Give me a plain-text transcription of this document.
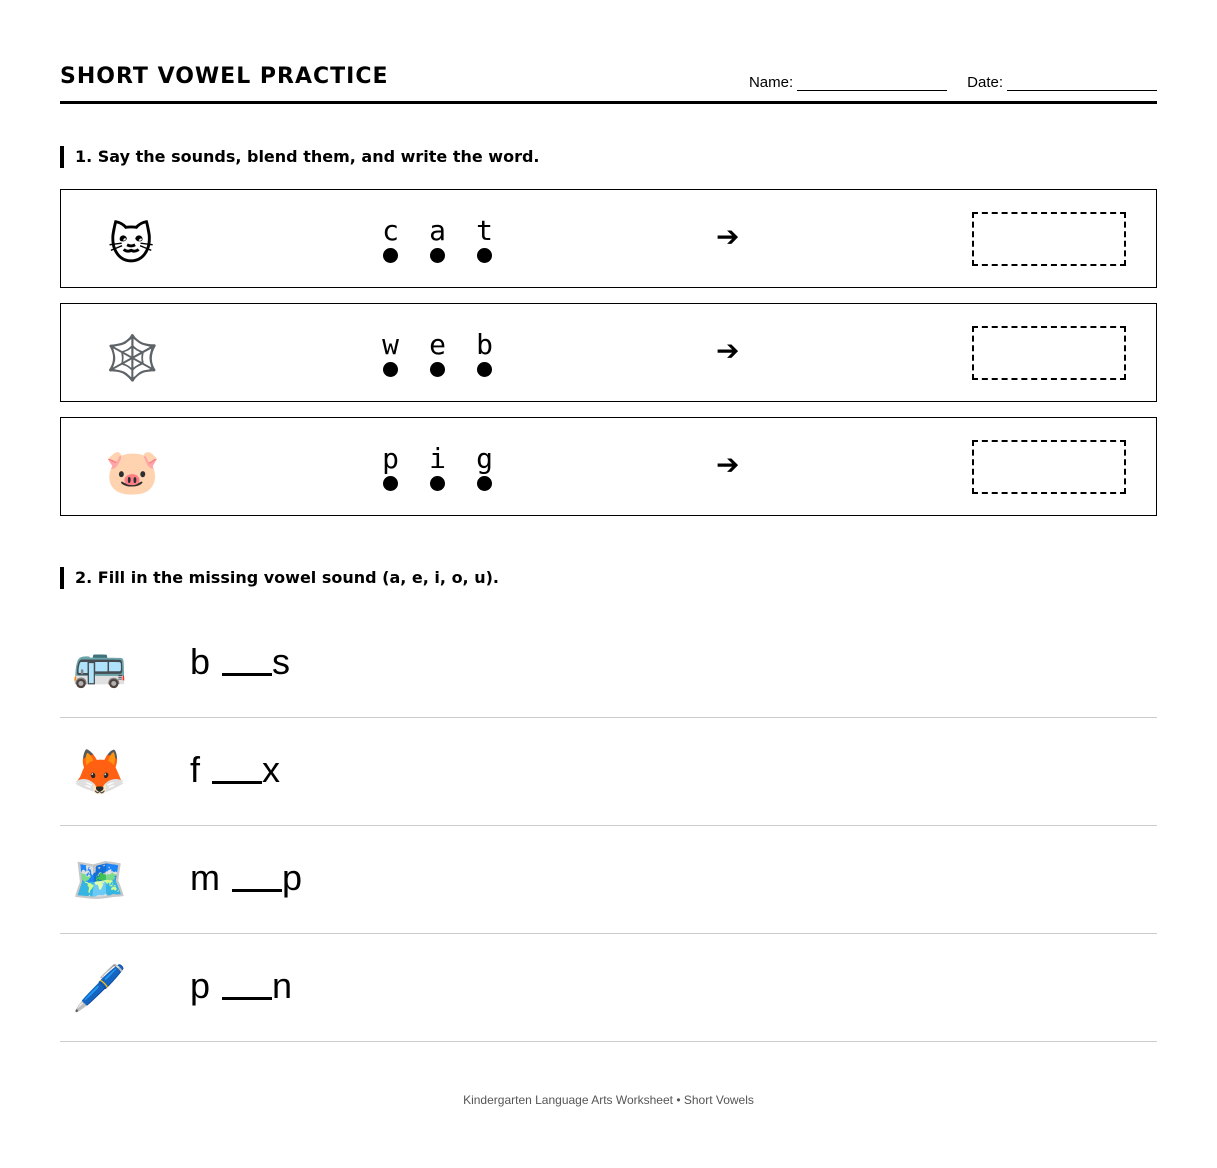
SHORT VOWEL PRACTICE	Name:	Date:
1. Say the sounds, blend them, and write the word.
🐱	c	a	t	➔
🕸️	w	e	b	➔
🐷	p	i	g	➔
2. Fill in the missing vowel sound (a, e, i, o, u).
🚌 b s
🦊 f x
🗺️ m p
🖊️ p n
Kindergarten Language Arts Worksheet • Short Vowels
